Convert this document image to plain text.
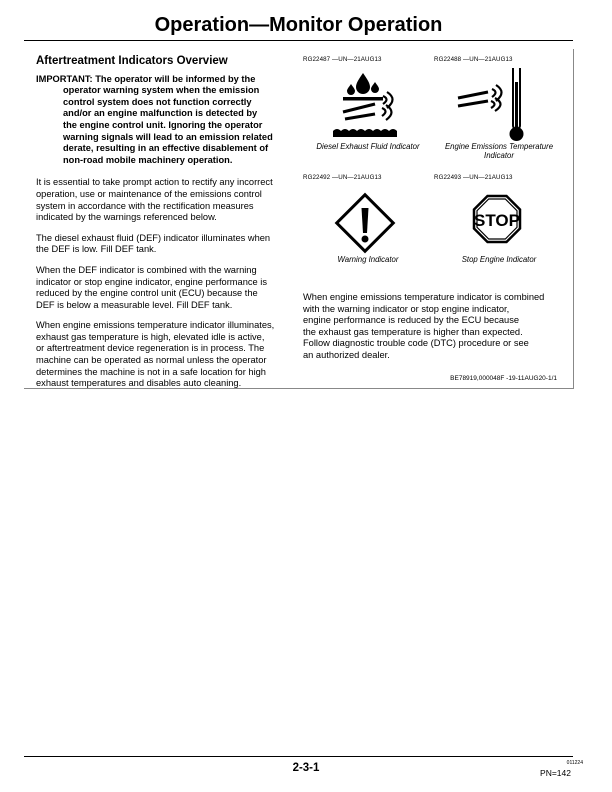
Operation—Monitor Operation
Aftertreatment Indicators Overview
IMPORTANT: The operator will be informed by the
operator warning system when the emission
control system does not function correctly
and/or an engine malfunction is detected by
the engine control unit. Ignoring the operator
warning signals will lead to an emission related
derate, resulting in an effective disablement of
non-road mobile machinery operation.
It is essential to take prompt action to rectify any incorrect
operation, use or maintenance of the emissions control
system in accordance with the rectification measures
indicated by the warnings referenced below.
The diesel exhaust fluid (DEF) indicator illuminates when
the DEF is low. Fill DEF tank.
When the DEF indicator is combined with the warning
indicator or stop engine indicator, engine performance is
reduced by the engine control unit (ECU) because the
DEF is below a measurable level. Fill DEF tank.
When engine emissions temperature indicator illuminates,
exhaust gas temperature is high, elevated idle is active,
or aftertreatment device regeneration is in process. The
machine can be operated as normal unless the operator
determines the machine is not in a safe location for high
exhaust temperatures and disables auto cleaning.
RG22487 —UN—21AUG13
Diesel Exhaust Fluid Indicator
RG22488 —UN—21AUG13
Engine Emissions Temperature
Indicator
RG22492 —UN—21AUG13
Warning Indicator
RG22493 —UN—21AUG13
STOP
Stop Engine Indicator
When engine emissions temperature indicator is combined
with the warning indicator or stop engine indicator,
engine performance is reduced by the ECU because
the exhaust gas temperature is higher than expected.
Follow diagnostic trouble code (DTC) procedure or see
an authorized dealer.
BE78919,000048F -19-11AUG20-1/1
2-3-1	011224
PN=142
